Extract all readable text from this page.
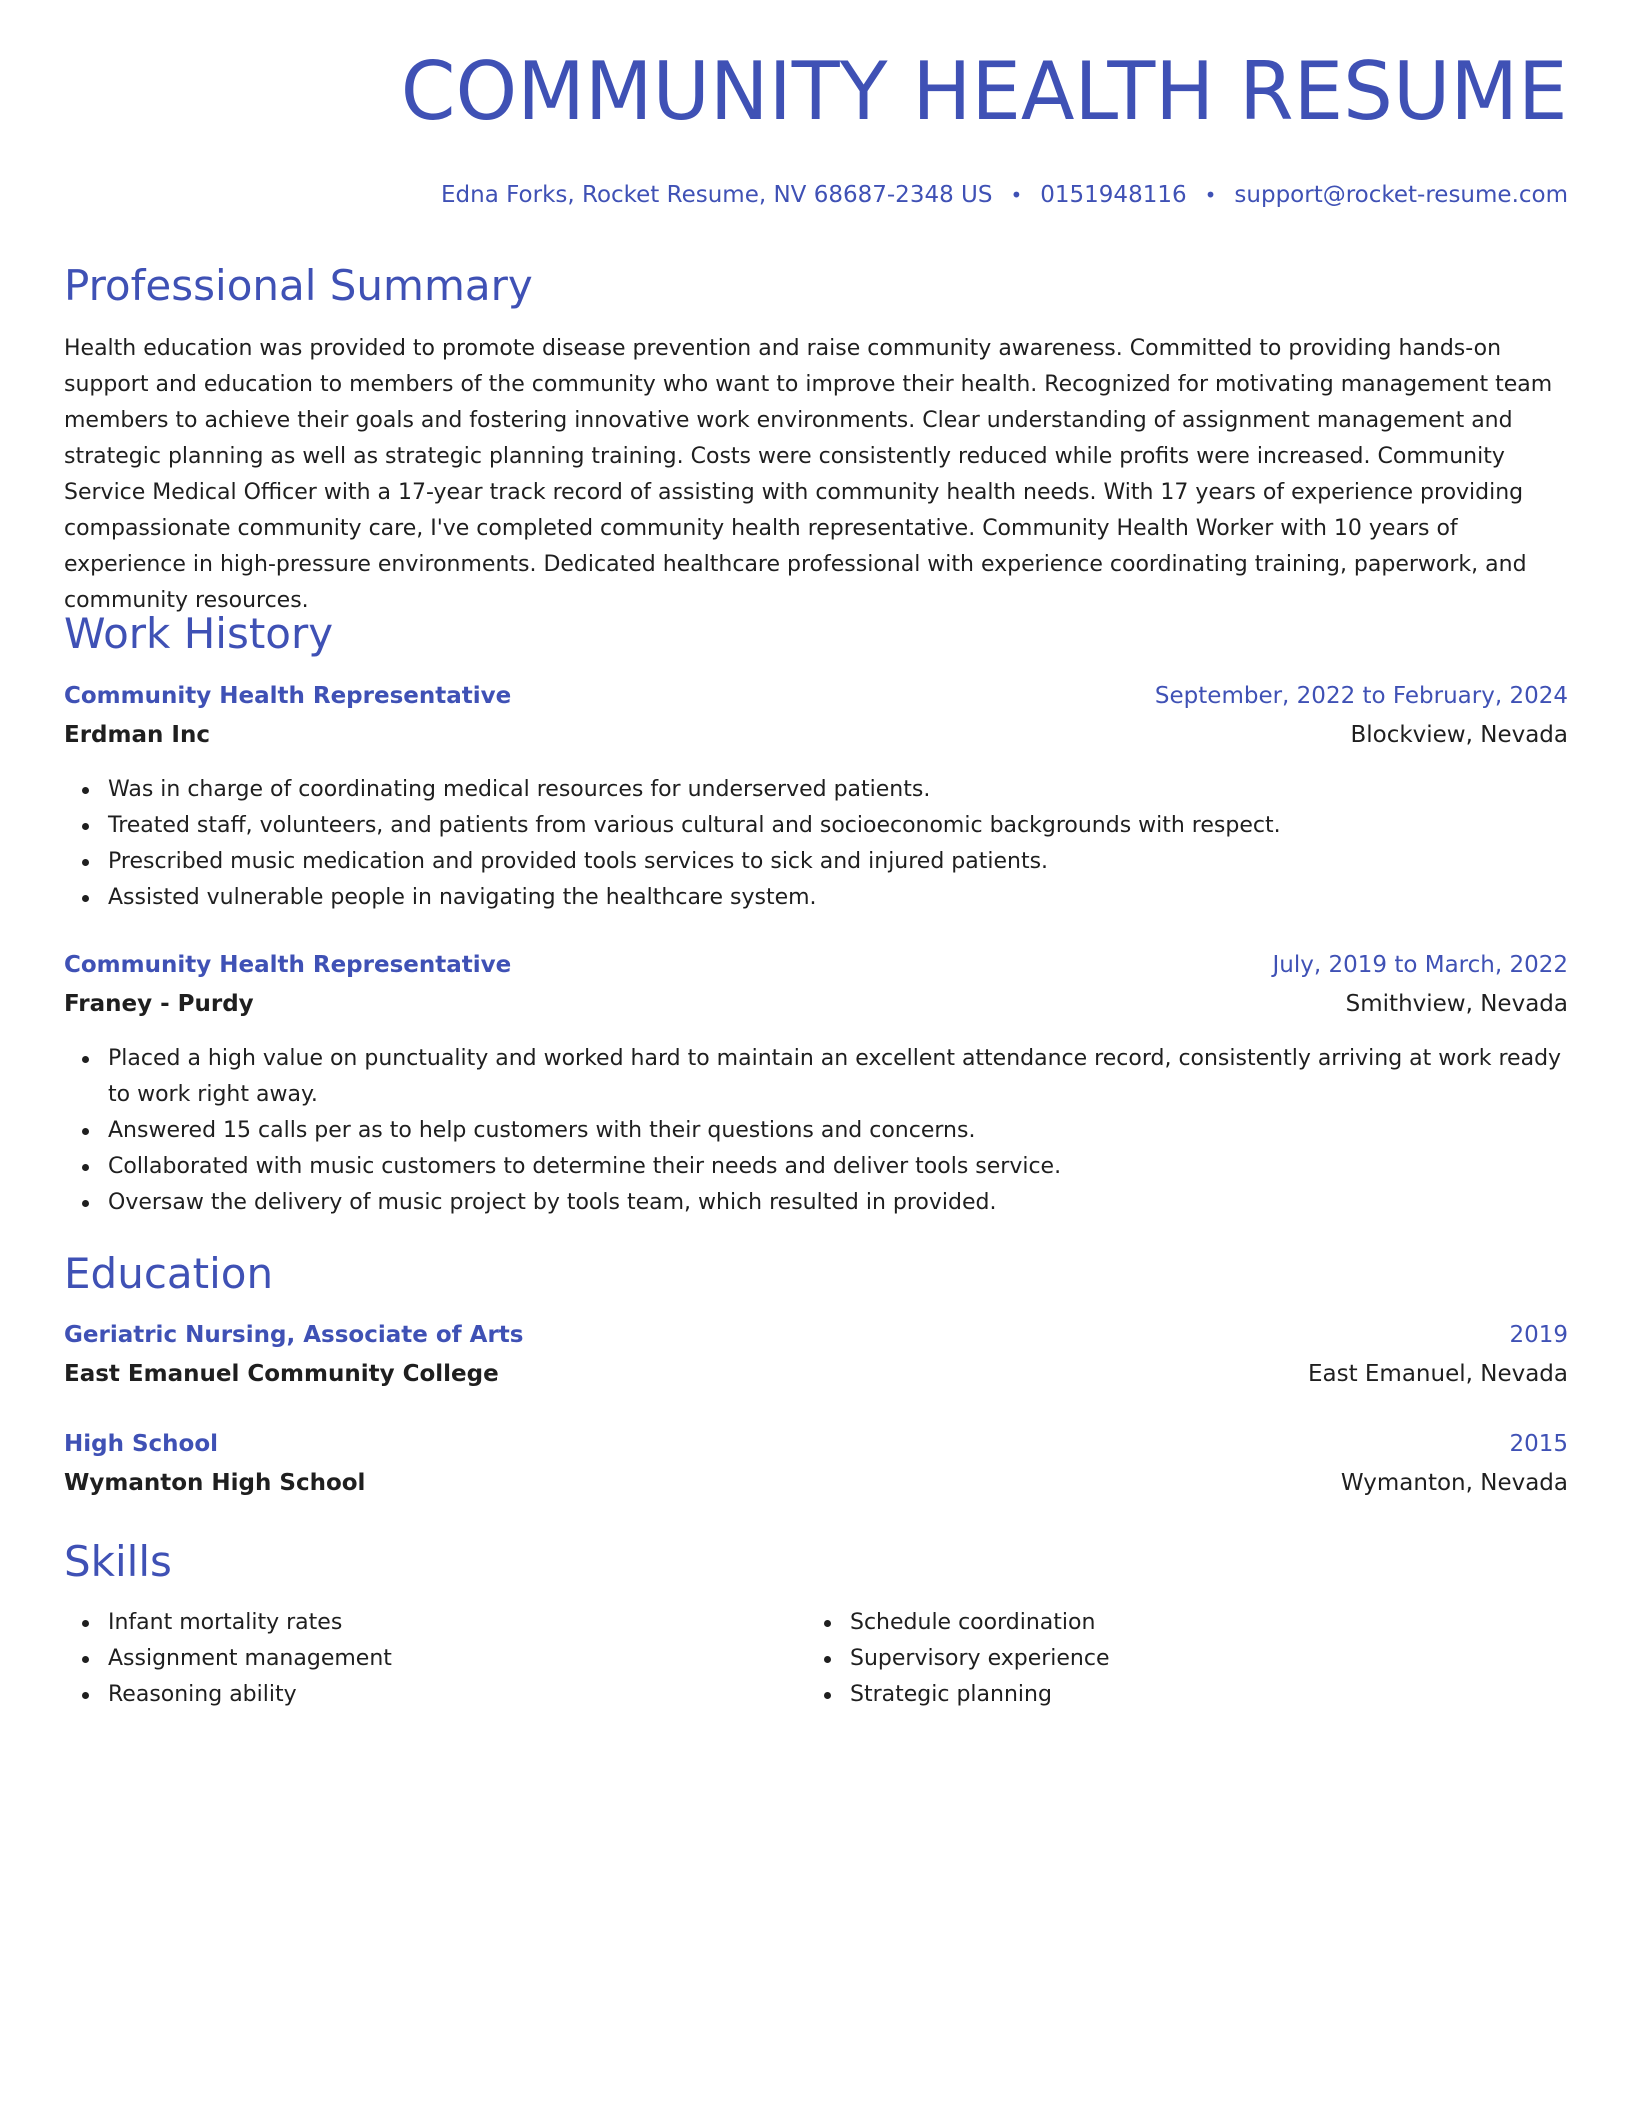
COMMUNITY HEALTH RESUME
Edna Forks, Rocket Resume, NV 68687-2348 US • 0151948116 • support@rocket-resume.com
Professional Summary

Health education was provided to promote disease prevention and raise community awareness. Committed to providing hands-on support and education to members of the community who want to improve their health. Recognized for motivating management team members to achieve their goals and fostering innovative work environments. Clear understanding of assignment management and strategic planning as well as strategic planning training. Costs were consistently reduced while profits were increased. Community Service Medical Officer with a 17-year track record of assisting with community health needs. With 17 years of experience providing compassionate community care, I've completed community health representative. Community Health Worker with 10 years of experience in high-pressure environments. Dedicated healthcare professional with experience coordinating training, paperwork, and community resources.

Work History
Community Health Representative	September, 2022 to February, 2024
Erdman Inc	Blockview, Nevada
Was in charge of coordinating medical resources for underserved patients.
Treated staff, volunteers, and patients from various cultural and socioeconomic backgrounds with respect.
Prescribed music medication and provided tools services to sick and injured patients.
Assisted vulnerable people in navigating the healthcare system.
Community Health Representative	July, 2019 to March, 2022
Franey - Purdy	Smithview, Nevada
Placed a high value on punctuality and worked hard to maintain an excellent attendance record, consistently arriving at work ready to work right away.
Answered 15 calls per as to help customers with their questions and concerns.
Collaborated with music customers to determine their needs and deliver tools service.
Oversaw the delivery of music project by tools team, which resulted in provided.
Education
Geriatric Nursing, Associate of Arts	2019
East Emanuel Community College	East Emanuel, Nevada
High School	2015
Wymanton High School	Wymanton, Nevada
Skills
Infant mortality rates
Assignment management
Reasoning ability
Schedule coordination
Supervisory experience
Strategic planning
